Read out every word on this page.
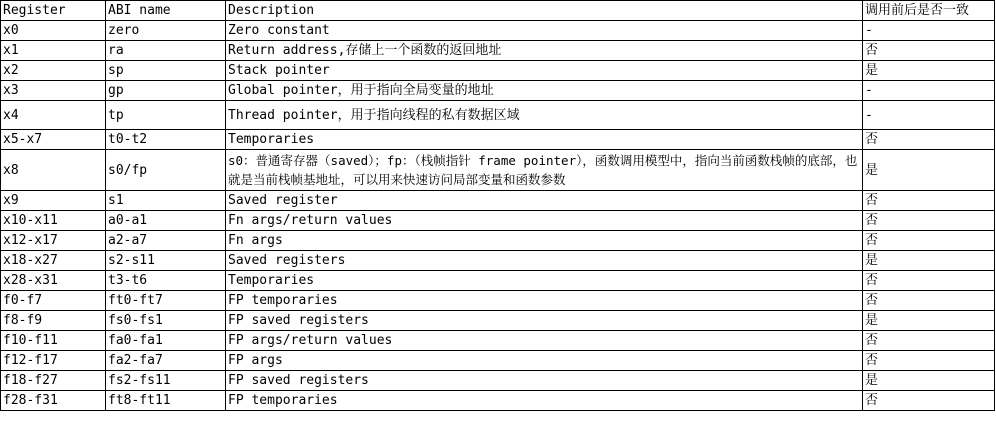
Register	ABI name	Description	调用前后是否一致
x0	zero	Zero constant	-
x1	ra	Return address,存储上一个函数的返回地址	否
x2	sp	Stack pointer	是
x3	gp	Global pointer，用于指向全局变量的地址	-
x4	tp	Thread pointer，用于指向线程的私有数据区域	-
x5-x7	t0-t2	Temporaries	否
x8	s0/fp	s0：普通寄存器（saved）；fp：（栈帧指针 frame pointer），函数调用模型中，指向当前函数栈帧的底部，也就是当前栈帧基地址，可以用来快速访问局部变量和函数参数	是
x9	s1	Saved register	否
x10-x11	a0-a1	Fn args/return values	否
x12-x17	a2-a7	Fn args	否
x18-x27	s2-s11	Saved registers	是
x28-x31	t3-t6	Temporaries	否
f0-f7	ft0-ft7	FP temporaries	否
f8-f9	fs0-fs1	FP saved registers	是
f10-f11	fa0-fa1	FP args/return values	否
f12-f17	fa2-fa7	FP args	否
f18-f27	fs2-fs11	FP saved registers	是
f28-f31	ft8-ft11	FP temporaries	否
